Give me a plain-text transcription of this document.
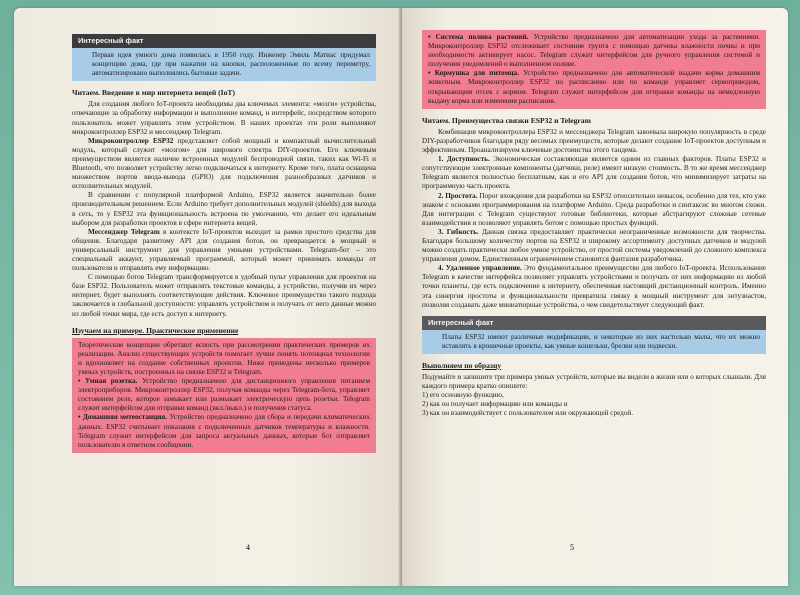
Интересный факт

Первая идея умного дома появилась в 1950 году. Инженер Эмиль Матиас придумал концепцию дома, где при нажатии на кнопки, расположенные по всему периметру, автоматизировано выполнялись бытовые задачи.

Читаем. Введение в мир интернета вещей (IoT)

Для создания любого IoT-проекта необходимы два ключевых элемента: «мозги» устройства, отвечающие за обработку информации и выполнение команд, и интерфейс, посредством которого пользователь может управлять этим устройством. В наших проектах эти роли выполняют микроконтроллер ESP32 и мессенджер Telegram.

Микроконтроллер ESP32 представляет собой мощный и компактный вычислительный модуль, который служит «мозгом» для широкого спектра DIY-проектов. Его ключевым преимуществом является наличие встроенных модулей беспроводной связи, таких как Wi-Fi и Bluetooth, что позволяет устройству легко подключаться к интернету. Кроме того, плата оснащена множеством портов ввода-вывода (GPIO) для подключения разнообразных датчиков и исполнительных модулей.

В сравнении с популярной платформой Arduino, ESP32 является значительно более производительным решением. Если Arduino требует дополнительных модулей (shields) для выхода в сеть, то у ESP32 эта функциональность встроена по умолчанию, что делает его идеальным выбором для разработки проектов в сфере интернета вещей.

Мессенджер Telegram в контексте IoT-проектов выходит за рамки простого средства для общения. Благодаря развитому API для создания ботов, он превращается в мощный и универсальный инструмент для управления умными устройствами. Telegram-бот – это специальный аккаунт, управляемый программой, который может принимать команды от пользователя и отправлять ему информацию.

С помощью ботов Telegram трансформируется в удобный пульт управления для проектов на базе ESP32. Пользователь может отправлять текстовые команды, а устройство, получив их через интернет, будет выполнять соответствующие действия. Ключевое преимущество такого подхода заключается в глобальной доступности: управлять устройством и получать от него данные можно из любой точки мира, где есть доступ к интернету.

Изучаем на примере. Практическое применение

Теоретические концепции обретают ясность при рассмотрении практических примеров их реализации. Анализ существующих устройств помогает лучше понять потенциал технологии и вдохновляет на создание собственных проектов. Ниже приведены несколько примеров умных устройств, построенных на связке ESP32 и Telegram.

• Умная розетка. Устройство предназначено для дистанционного управления питанием электроприборов. Микроконтроллер ESP32, получая команды через Telegram-бота, управляет состоянием реле, которое замыкает или размыкает электрическую цепь розетки. Telegram служит интерфейсом для отправки команд (вкл./выкл.) и получения статуса.

• Домашняя метеостанция. Устройство предназначено для сбора и передачи климатических данных. ESP32 считывает показания с подключенных датчиков температуры и влажности. Telegram служит интерфейсом для запроса актуальных данных, которые бот отправляет пользователю в ответном сообщении.

4

• Система полива растений. Устройство предназначено для автоматизации ухода за растениями. Микроконтроллер ESP32 отслеживает состояние грунта с помощью датчика влажности почвы и при необходимости активирует насос. Telegram служит интерфейсом для ручного управления системой и получения уведомлений о выполненном поливе.

• Кормушка для питомца. Устройство предназначено для автоматической выдачи корма домашним животным. Микроконтроллер ESP32 по расписанию или по команде управляет сервоприводом, открывающим отсек с кормом. Telegram служит интерфейсом для отправки команды на немедленную выдачу корма или изменения расписания.

Читаем. Преимущества связки ESP32 и Telegram

Комбинация микроконтроллера ESP32 и мессенджера Telegram завоевала широкую популярность в среде DIY-разработчиков благодаря ряду весомых преимуществ, которые делают создание IoT-проектов доступным и эффективным. Проанализируем ключевые достоинства этого тандема.

1. Доступность. Экономическая составляющая является одним из главных факторов. Платы ESP32 и сопутствующие электронные компоненты (датчики, реле) имеют низкую стоимость. В то же время мессенджер Telegram является полностью бесплатным, как и его API для создания ботов, что минимизирует затраты на программную часть проекта.

2. Простота. Порог вхождения для разработки на ESP32 относительно невысок, особенно для тех, кто уже знаком с основами программирования на платформе Arduino. Среда разработки и синтаксис во многом схожи. Для интеграции с Telegram существуют готовые библиотеки, которые абстрагируют сложные сетевые взаимодействия и позволяют управлять ботом с помощью простых функций.

3. Гибкость. Данная связка предоставляет практически неограниченные возможности для творчества. Благодаря большому количеству портов на ESP32 и широкому ассортименту доступных датчиков и модулей можно создать практически любое умное устройство, от простой системы уведомлений до сложного комплекса управления домом. Единственным ограничением становится фантазия разработчика.

4. Удаленное управление. Это фундаментальное преимущество для любого IoT-проекта. Использование Telegram в качестве интерфейса позволяет управлять устройствами и получать от них информацию из любой точки планеты, где есть подключение к интернету, обеспечивая настоящий дистанционный контроль. Именно эта синергия простоты и функциональности превратила связку в мощный инструмент для энтузиастов, позволяя создавать даже миниатюрные устройства, о чем свидетельствует следующий факт.

Интересный факт

Платы ESP32 имеют различные модификации, и некоторые из них настолько малы, что их можно вставлять в крошечные проекты, как умные кошельки, брелки или подвески.

Выполняем по образцу

Подумайте и запишите три примера умных устройств, которые вы видели в жизни или о которых слышали. Для каждого примера кратко опишите:

1) его основную функцию,

2) как он получает информацию или команды и

3) как он взаимодействует с пользователем или окружающей средой.

5
